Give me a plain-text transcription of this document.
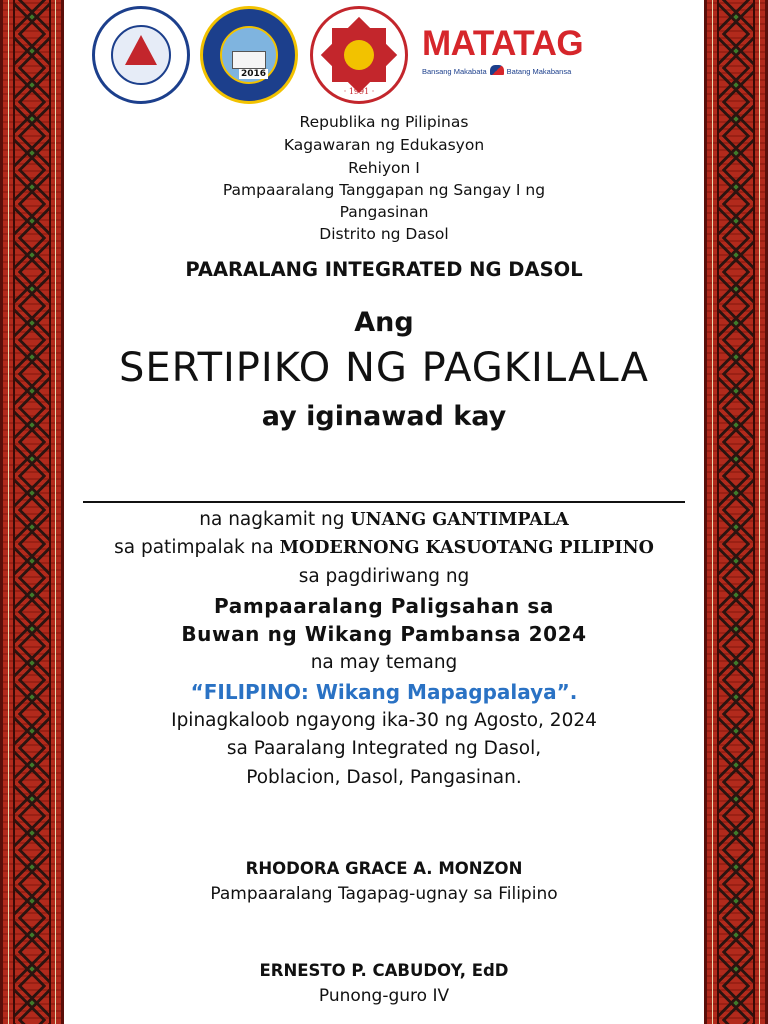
2016
· 1991 ·
MATATAG
Bansang Makabata	Batang Makabansa
Republika ng Pilipinas
Kagawaran ng Edukasyon
Rehiyon I
Pampaaralang Tanggapan ng Sangay I ng
Pangasinan
Distrito ng Dasol
PAARALANG INTEGRATED NG DASOL
Ang
SERTIPIKO NG PAGKILALA
ay iginawad kay
na nagkamit ng UNANG GANTIMPALA
sa patimpalak na MODERNONG KASUOTANG PILIPINO
sa pagdiriwang ng
Pampaaralang Paligsahan sa
Buwan ng Wikang Pambansa 2024
na may temang
“FILIPINO: Wikang Mapagpalaya”.
Ipinagkaloob ngayong ika-30 ng Agosto, 2024
sa Paaralang Integrated ng Dasol,
Poblacion, Dasol, Pangasinan.
RHODORA GRACE A. MONZON
Pampaaralang Tagapag-ugnay sa Filipino
ERNESTO P. CABUDOY, EdD
Punong-guro IV
